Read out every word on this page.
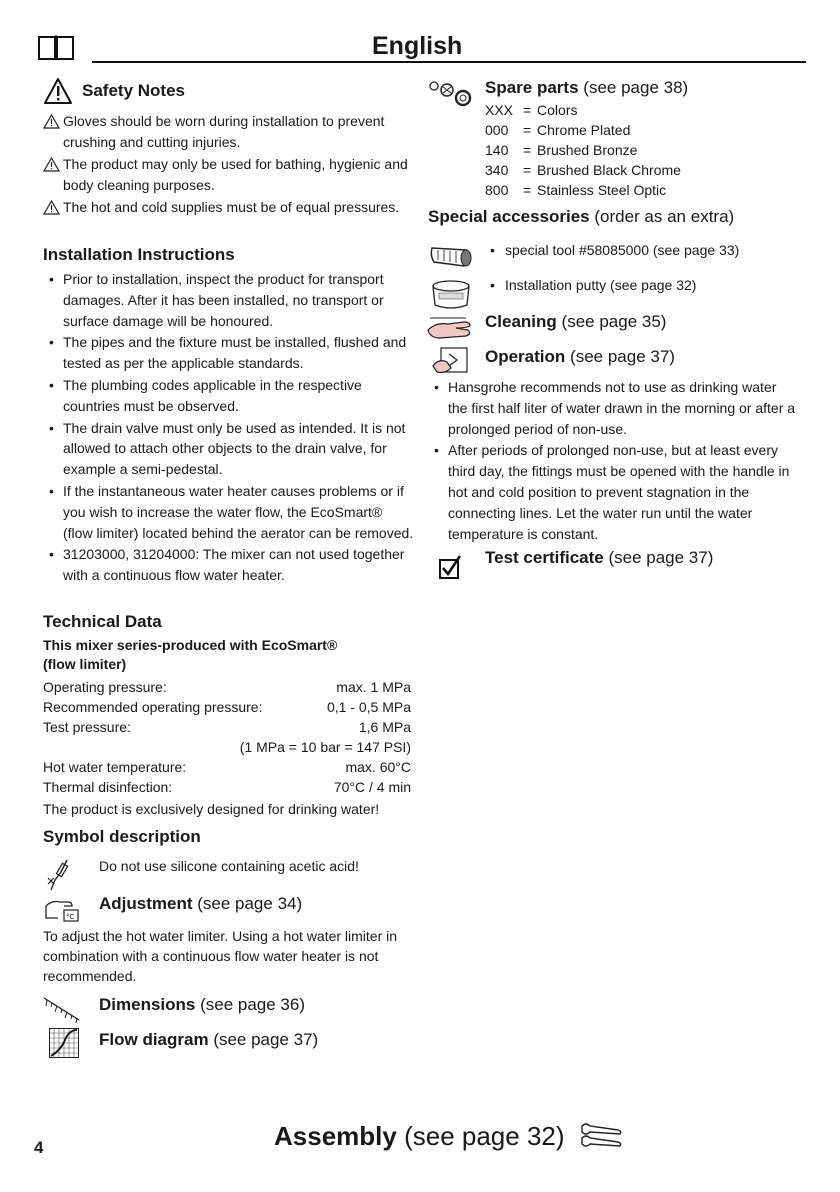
English
Safety Notes
Gloves should be worn during installation to prevent crushing and cutting injuries.
The product may only be used for bathing, hygienic and body cleaning purposes.
The hot and cold supplies must be of equal pressures.
Installation Instructions
• Prior to installation, inspect the product for transport damages. After it has been installed, no transport or surface damage will be honoured.
• The pipes and the fixture must be installed, flushed and tested as per the applicable standards.
• The plumbing codes applicable in the respective countries must be observed.
• The drain valve must only be used as intended. It is not allowed to attach other objects to the drain valve, for example a semi-pedestal.
• If the instantaneous water heater causes problems or if you wish to increase the water flow, the EcoSmart® (flow limiter) located behind the aerator can be removed.
• 31203000, 31204000: The mixer can not used together with a continuous flow water heater.
Technical Data
This mixer series-produced with EcoSmart®
(flow limiter)
Operating pressure:	max. 1 MPa
Recommended operating pressure:	0,1 - 0,5 MPa
Test pressure:	1,6 MPa
(1 MPa = 10 bar = 147 PSI)
Hot water temperature:	max. 60°C
Thermal disinfection:	70°C / 4 min
The product is exclusively designed for drinking water!
Symbol description
Do not use silicone containing acetic acid!
°C
Adjustment (see page 34)
To adjust the hot water limiter. Using a hot water limiter in combination with a continuous flow water heater is not recommended.
Dimensions (see page 36)
Flow diagram (see page 37)
Spare parts (see page 38)
XXX = Colors
000	= Chrome Plated
140	= Brushed Bronze
340	= Brushed Black Chrome
800	= Stainless Steel Optic
Special accessories (order as an extra)
• special tool #58085000 (see page 33)
• Installation putty (see page 32)
Cleaning (see page 35)
Operation (see page 37)
• Hansgrohe recommends not to use as drinking water the first half liter of water drawn in the morning or after a prolonged period of non-use.
• After periods of prolonged non-use, but at least every third day, the fittings must be opened with the handle in hot and cold position to prevent stagnation in the connecting lines. Let the water run until the water temperature is constant.
Test certificate (see page 37)
4	Assembly (see page 32)
